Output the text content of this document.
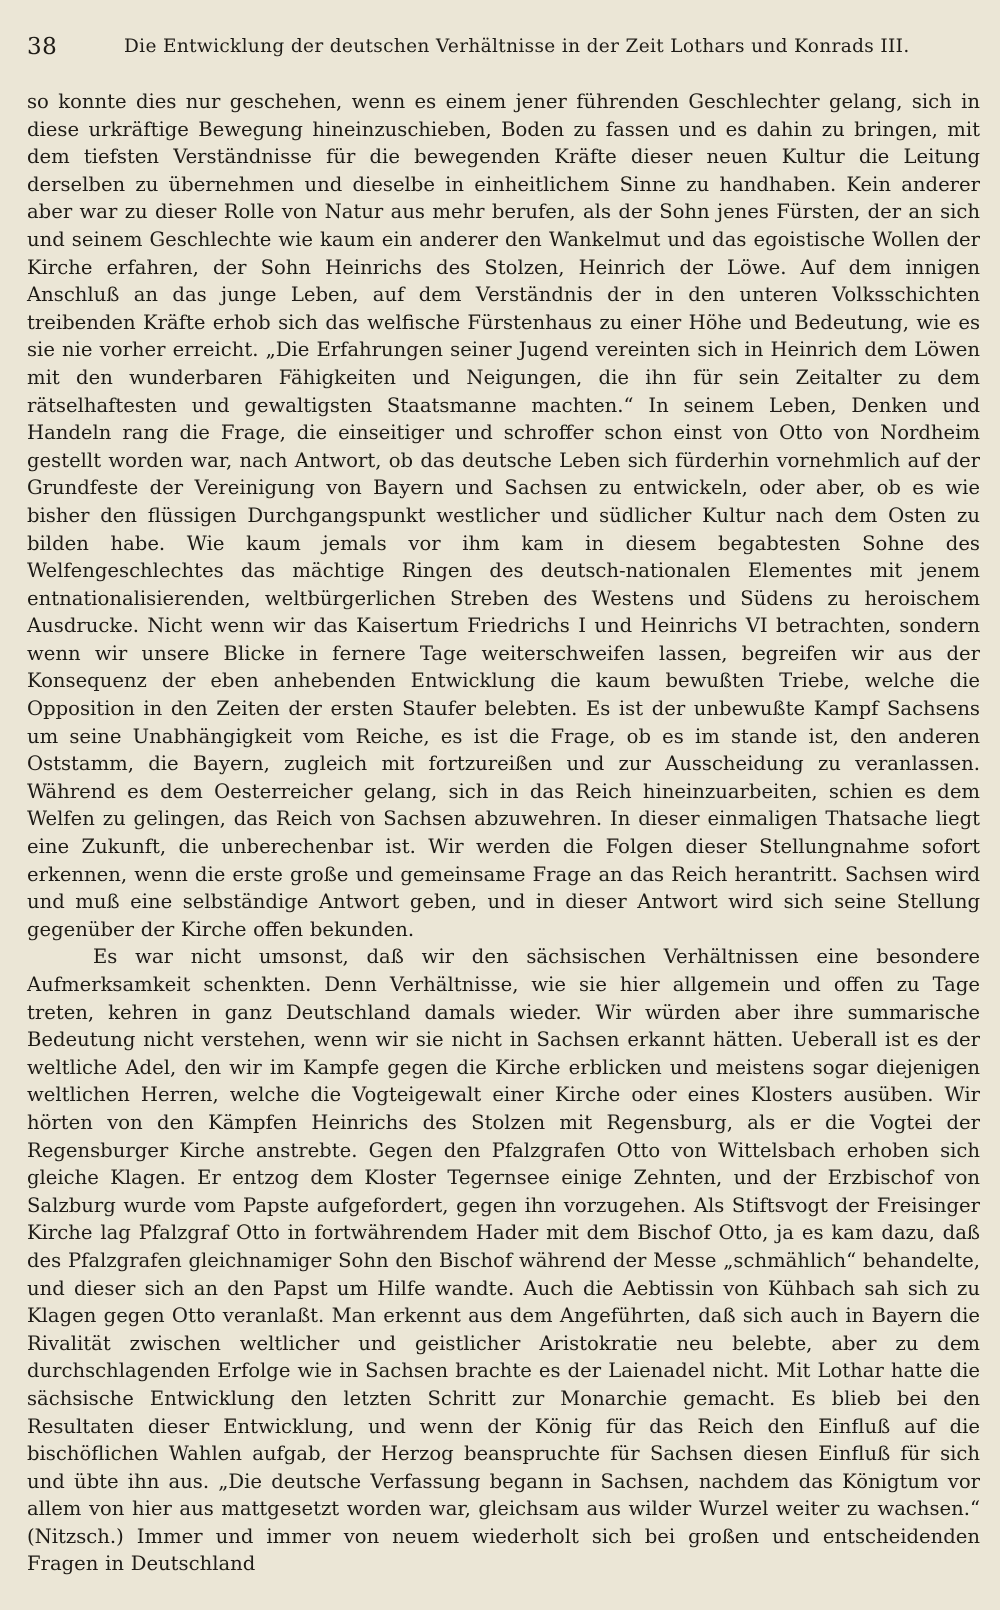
38	Die Entwicklung der deutschen Verhältnisse in der Zeit Lothars und Konrads III.

so konnte dies nur geschehen, wenn es einem jener führenden Geschlechter gelang, sich in diese urkräftige Bewegung hineinzuschieben, Boden zu fassen und es dahin zu bringen, mit dem tiefsten Verständnisse für die bewegenden Kräfte dieser neuen Kultur die Leitung derselben zu übernehmen und dieselbe in einheitlichem Sinne zu handhaben. Kein anderer aber war zu dieser Rolle von Natur aus mehr berufen, als der Sohn jenes Fürsten, der an sich und seinem Geschlechte wie kaum ein anderer den Wankelmut und das egoistische Wollen der Kirche erfahren, der Sohn Heinrichs des Stolzen, Heinrich der Löwe. Auf dem innigen Anschluß an das junge Leben, auf dem Verständnis der in den unteren Volksschichten treibenden Kräfte erhob sich das welfische Fürstenhaus zu einer Höhe und Bedeutung, wie es sie nie vorher erreicht. „Die Erfahrungen seiner Jugend vereinten sich in Heinrich dem Löwen mit den wunderbaren Fähigkeiten und Neigungen, die ihn für sein Zeitalter zu dem rätselhaftesten und gewaltigsten Staatsmanne machten.“ In seinem Leben, Denken und Handeln rang die Frage, die einseitiger und schroffer schon einst von Otto von Nordheim gestellt worden war, nach Antwort, ob das deutsche Leben sich fürderhin vornehmlich auf der Grundfeste der Vereinigung von Bayern und Sachsen zu entwickeln, oder aber, ob es wie bisher den flüssigen Durchgangspunkt westlicher und südlicher Kultur nach dem Osten zu bilden habe. Wie kaum jemals vor ihm kam in diesem begabtesten Sohne des Welfengeschlechtes das mächtige Ringen des deutsch-nationalen Elementes mit jenem entnationalisierenden, weltbürgerlichen Streben des Westens und Südens zu heroischem Ausdrucke. Nicht wenn wir das Kaisertum Friedrichs I und Heinrichs VI betrachten, sondern wenn wir unsere Blicke in fernere Tage weiterschweifen lassen, begreifen wir aus der Konsequenz der eben anhebenden Entwicklung die kaum bewußten Triebe, welche die Opposition in den Zeiten der ersten Staufer belebten. Es ist der unbewußte Kampf Sachsens um seine Unabhängigkeit vom Reiche, es ist die Frage, ob es im stande ist, den anderen Oststamm, die Bayern, zugleich mit fortzureißen und zur Ausscheidung zu veranlassen. Während es dem Oesterreicher gelang, sich in das Reich hineinzuarbeiten, schien es dem Welfen zu gelingen, das Reich von Sachsen abzuwehren. In dieser einmaligen Thatsache liegt eine Zukunft, die unberechenbar ist. Wir werden die Folgen dieser Stellungnahme sofort erkennen, wenn die erste große und gemeinsame Frage an das Reich herantritt. Sachsen wird und muß eine selbständige Antwort geben, und in dieser Antwort wird sich seine Stellung gegenüber der Kirche offen bekunden.

Es war nicht umsonst, daß wir den sächsischen Verhältnissen eine besondere Aufmerksamkeit schenkten. Denn Verhältnisse, wie sie hier allgemein und offen zu Tage treten, kehren in ganz Deutschland damals wieder. Wir würden aber ihre summarische Bedeutung nicht verstehen, wenn wir sie nicht in Sachsen erkannt hätten. Ueberall ist es der weltliche Adel, den wir im Kampfe gegen die Kirche erblicken und meistens sogar diejenigen weltlichen Herren, welche die Vogteigewalt einer Kirche oder eines Klosters ausüben. Wir hörten von den Kämpfen Heinrichs des Stolzen mit Regensburg, als er die Vogtei der Regensburger Kirche anstrebte. Gegen den Pfalzgrafen Otto von Wittelsbach erhoben sich gleiche Klagen. Er entzog dem Kloster Tegernsee einige Zehnten, und der Erzbischof von Salzburg wurde vom Papste aufgefordert, gegen ihn vorzugehen. Als Stiftsvogt der Freisinger Kirche lag Pfalzgraf Otto in fortwährendem Hader mit dem Bischof Otto, ja es kam dazu, daß des Pfalzgrafen gleichnamiger Sohn den Bischof während der Messe „schmählich“ behandelte, und dieser sich an den Papst um Hilfe wandte. Auch die Aebtissin von Kühbach sah sich zu Klagen gegen Otto veranlaßt. Man erkennt aus dem Angeführten, daß sich auch in Bayern die Rivalität zwischen weltlicher und geistlicher Aristokratie neu belebte, aber zu dem durchschlagenden Erfolge wie in Sachsen brachte es der Laienadel nicht. Mit Lothar hatte die sächsische Entwicklung den letzten Schritt zur Monarchie gemacht. Es blieb bei den Resultaten dieser Entwicklung, und wenn der König für das Reich den Einfluß auf die bischöflichen Wahlen aufgab, der Herzog beanspruchte für Sachsen diesen Einfluß für sich und übte ihn aus. „Die deutsche Verfassung begann in Sachsen, nachdem das Königtum vor allem von hier aus mattgesetzt worden war, gleichsam aus wilder Wurzel weiter zu wachsen.“ (Nitzsch.) Immer und immer von neuem wiederholt sich bei großen und entscheidenden Fragen in Deutschland
